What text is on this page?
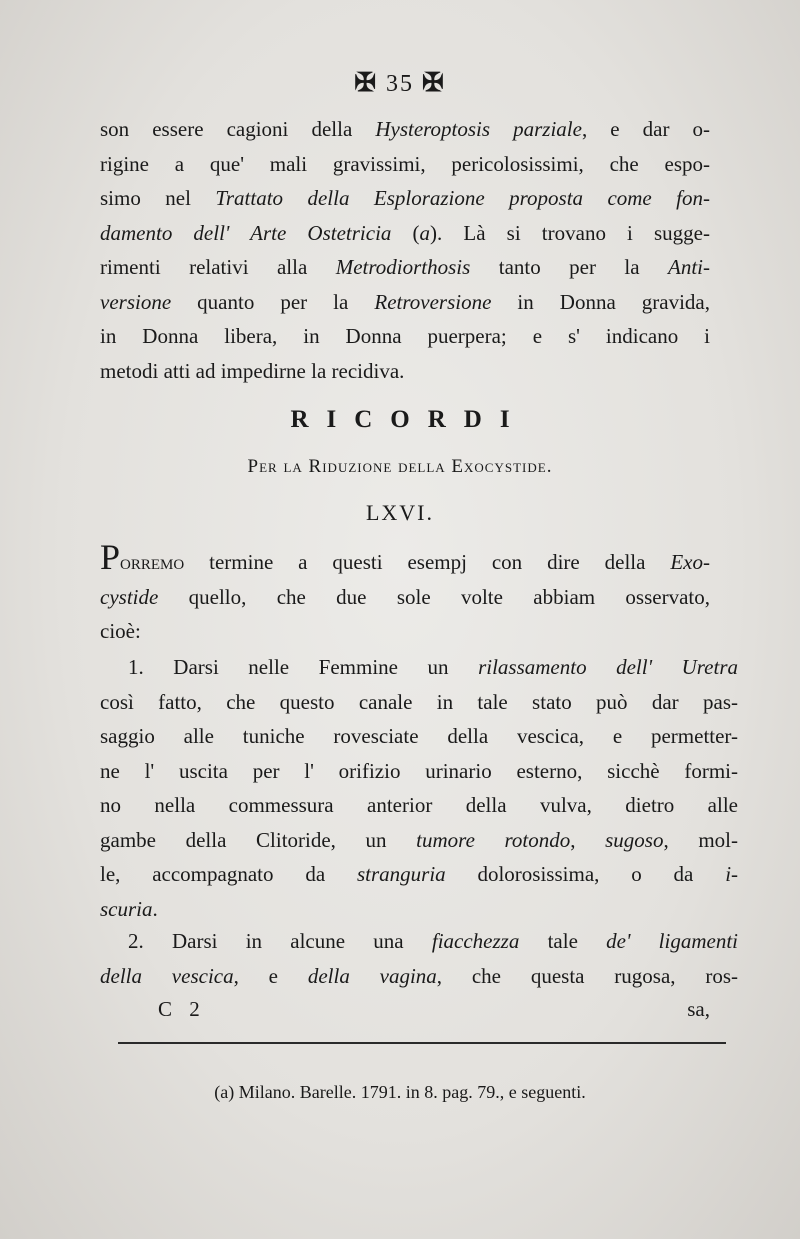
✠ 35 ✠
son essere cagioni della Hysteroptosis parziale, e dar o-
rigine a que' mali gravissimi, pericolosissimi, che espo-
simo nel Trattato della Esplorazione proposta come fon-
damento dell' Arte Ostetricia (a). Là si trovano i sugge-
rimenti relativi alla Metrodiorthosis tanto per la Anti-
versione quanto per la Retroversione in Donna gravida,
in Donna libera, in Donna puerpera; e s' indicano i
metodi atti ad impedirne la recidiva.
RICORDI
Per la Riduzione della Exocystide.
LXVI.
Porremo termine a questi esempj con dire della Exo-
cystide quello, che due sole volte abbiam osservato,
cioè:
1. Darsi nelle Femmine un rilassamento dell' Uretra
così fatto, che questo canale in tale stato può dar pas-
saggio alle tuniche rovesciate della vescica, e permetter-
ne l' uscita per l' orifizio urinario esterno, sicchè formi-
no nella commessura anterior della vulva, dietro alle
gambe della Clitoride, un tumore rotondo, sugoso, mol-
le, accompagnato da stranguria dolorosissima, o da i-
scuria.
2. Darsi in alcune una fiacchezza tale de' ligamenti
della vescica, e della vagina, che questa rugosa, ros-
C 2	sa,
(a) Milano. Barelle. 1791. in 8. pag. 79., e seguenti.
